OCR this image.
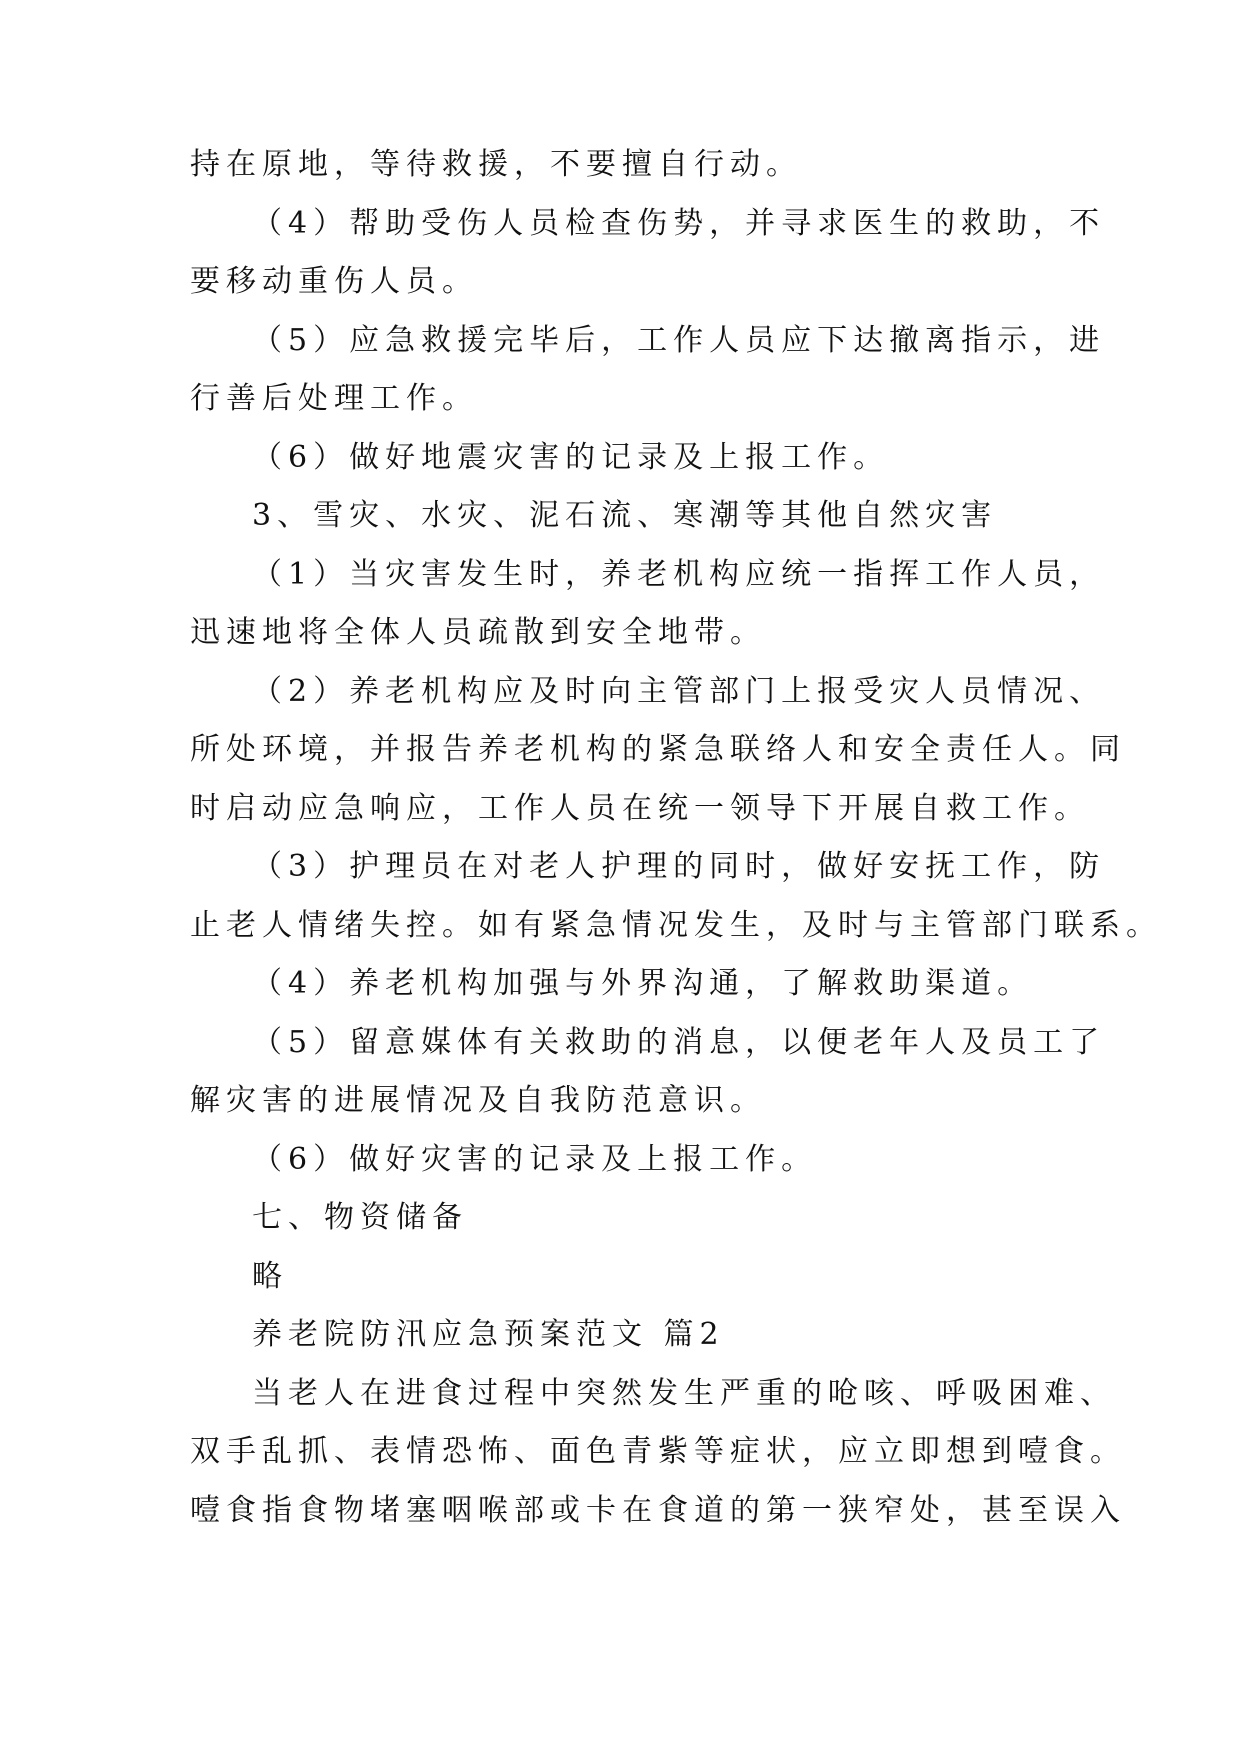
持在原地，等待救援，不要擅自行动。
（4）帮助受伤人员检查伤势，并寻求医生的救助，不
要移动重伤人员。
（5）应急救援完毕后，工作人员应下达撤离指示，进
行善后处理工作。
（6）做好地震灾害的记录及上报工作。
3、雪灾、水灾、泥石流、寒潮等其他自然灾害
（1）当灾害发生时，养老机构应统一指挥工作人员，
迅速地将全体人员疏散到安全地带。
（2）养老机构应及时向主管部门上报受灾人员情况、
所处环境，并报告养老机构的紧急联络人和安全责任人。同
时启动应急响应，工作人员在统一领导下开展自救工作。
（3）护理员在对老人护理的同时，做好安抚工作，防
止老人情绪失控。如有紧急情况发生，及时与主管部门联系。
（4）养老机构加强与外界沟通，了解救助渠道。
（5）留意媒体有关救助的消息，以便老年人及员工了
解灾害的进展情况及自我防范意识。
（6）做好灾害的记录及上报工作。
七、物资储备
略
养老院防汛应急预案范文 篇2
当老人在进食过程中突然发生严重的呛咳、呼吸困难、
双手乱抓、表情恐怖、面色青紫等症状，应立即想到噎食。
噎食指食物堵塞咽喉部或卡在食道的第一狭窄处，甚至误入
